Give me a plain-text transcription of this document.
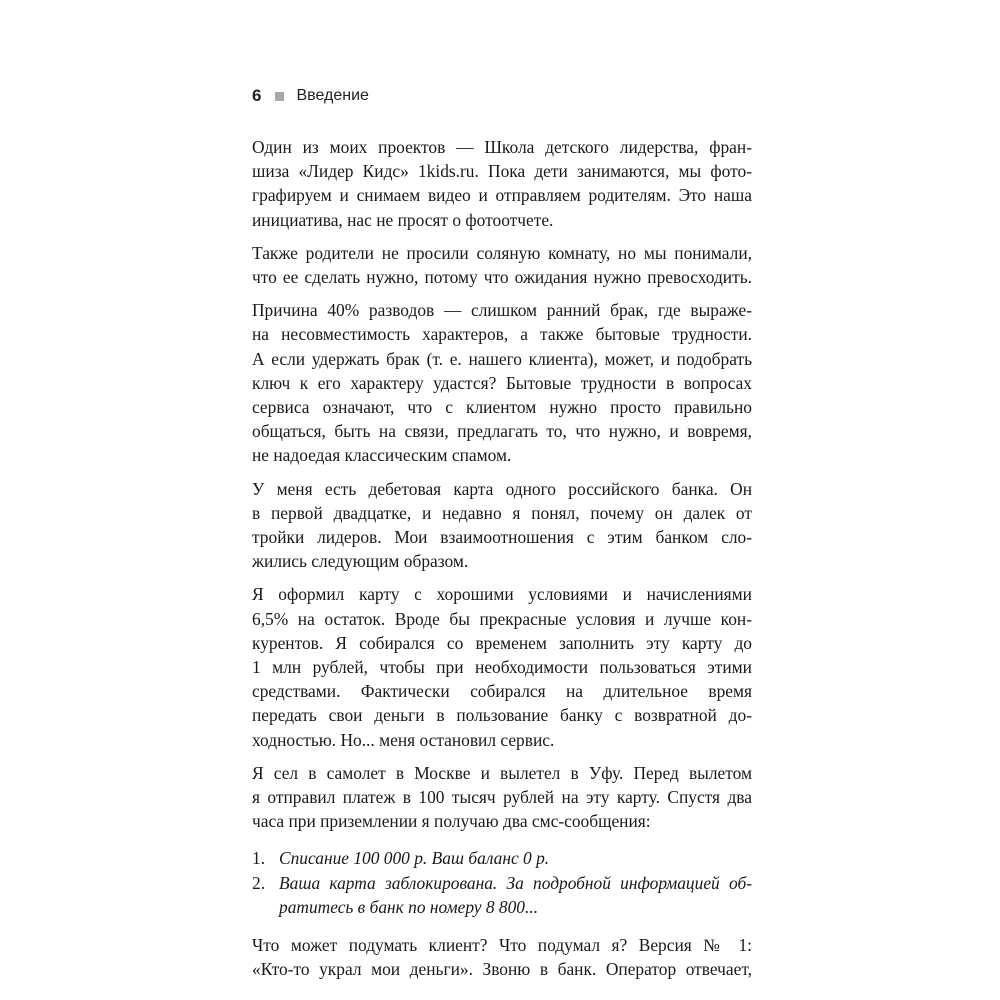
6 Введение
Один из моих проектов — Школа детского лидерства, фран-
шиза «Лидер Кидс» 1kids.ru. Пока дети занимаются, мы фото-
графируем и снимаем видео и отправляем родителям. Это наша
инициатива, нас не просят о фотоотчете.
Также родители не просили соляную комнату, но мы понимали,
что ее сделать нужно, потому что ожидания нужно превосходить.
Причина 40% разводов — слишком ранний брак, где выраже-
на несовместимость характеров, а также бытовые трудности.
А если удержать брак (т. е. нашего клиента), может, и подобрать
ключ к его характеру удастся? Бытовые трудности в вопросах
сервиса означают, что с клиентом нужно просто правильно
общаться, быть на связи, предлагать то, что нужно, и вовремя,
не надоедая классическим спамом.
У меня есть дебетовая карта одного российского банка. Он
в первой двадцатке, и недавно я понял, почему он далек от
тройки лидеров. Мои взаимоотношения с этим банком сло-
жились следующим образом.
Я оформил карту с хорошими условиями и начислениями
6,5% на остаток. Вроде бы прекрасные условия и лучше кон-
курентов. Я собирался со временем заполнить эту карту до
1 млн рублей, чтобы при необходимости пользоваться этими
средствами. Фактически собирался на длительное время
передать свои деньги в пользование банку с возвратной до-
ходностью. Но... меня остановил сервис.
Я сел в самолет в Москве и вылетел в Уфу. Перед вылетом
я отправил платеж в 100 тысяч рублей на эту карту. Спустя два
часа при приземлении я получаю два смс-сообщения:
1. Списание 100 000 р. Ваш баланс 0 р.
2. Ваша карта заблокирована. За подробной информацией об-
ратитесь в банк по номеру 8 800...
Что может подумать клиент? Что подумал я? Версия № 1:
«Кто-то украл мои деньги». Звоню в банк. Оператор отвечает,
